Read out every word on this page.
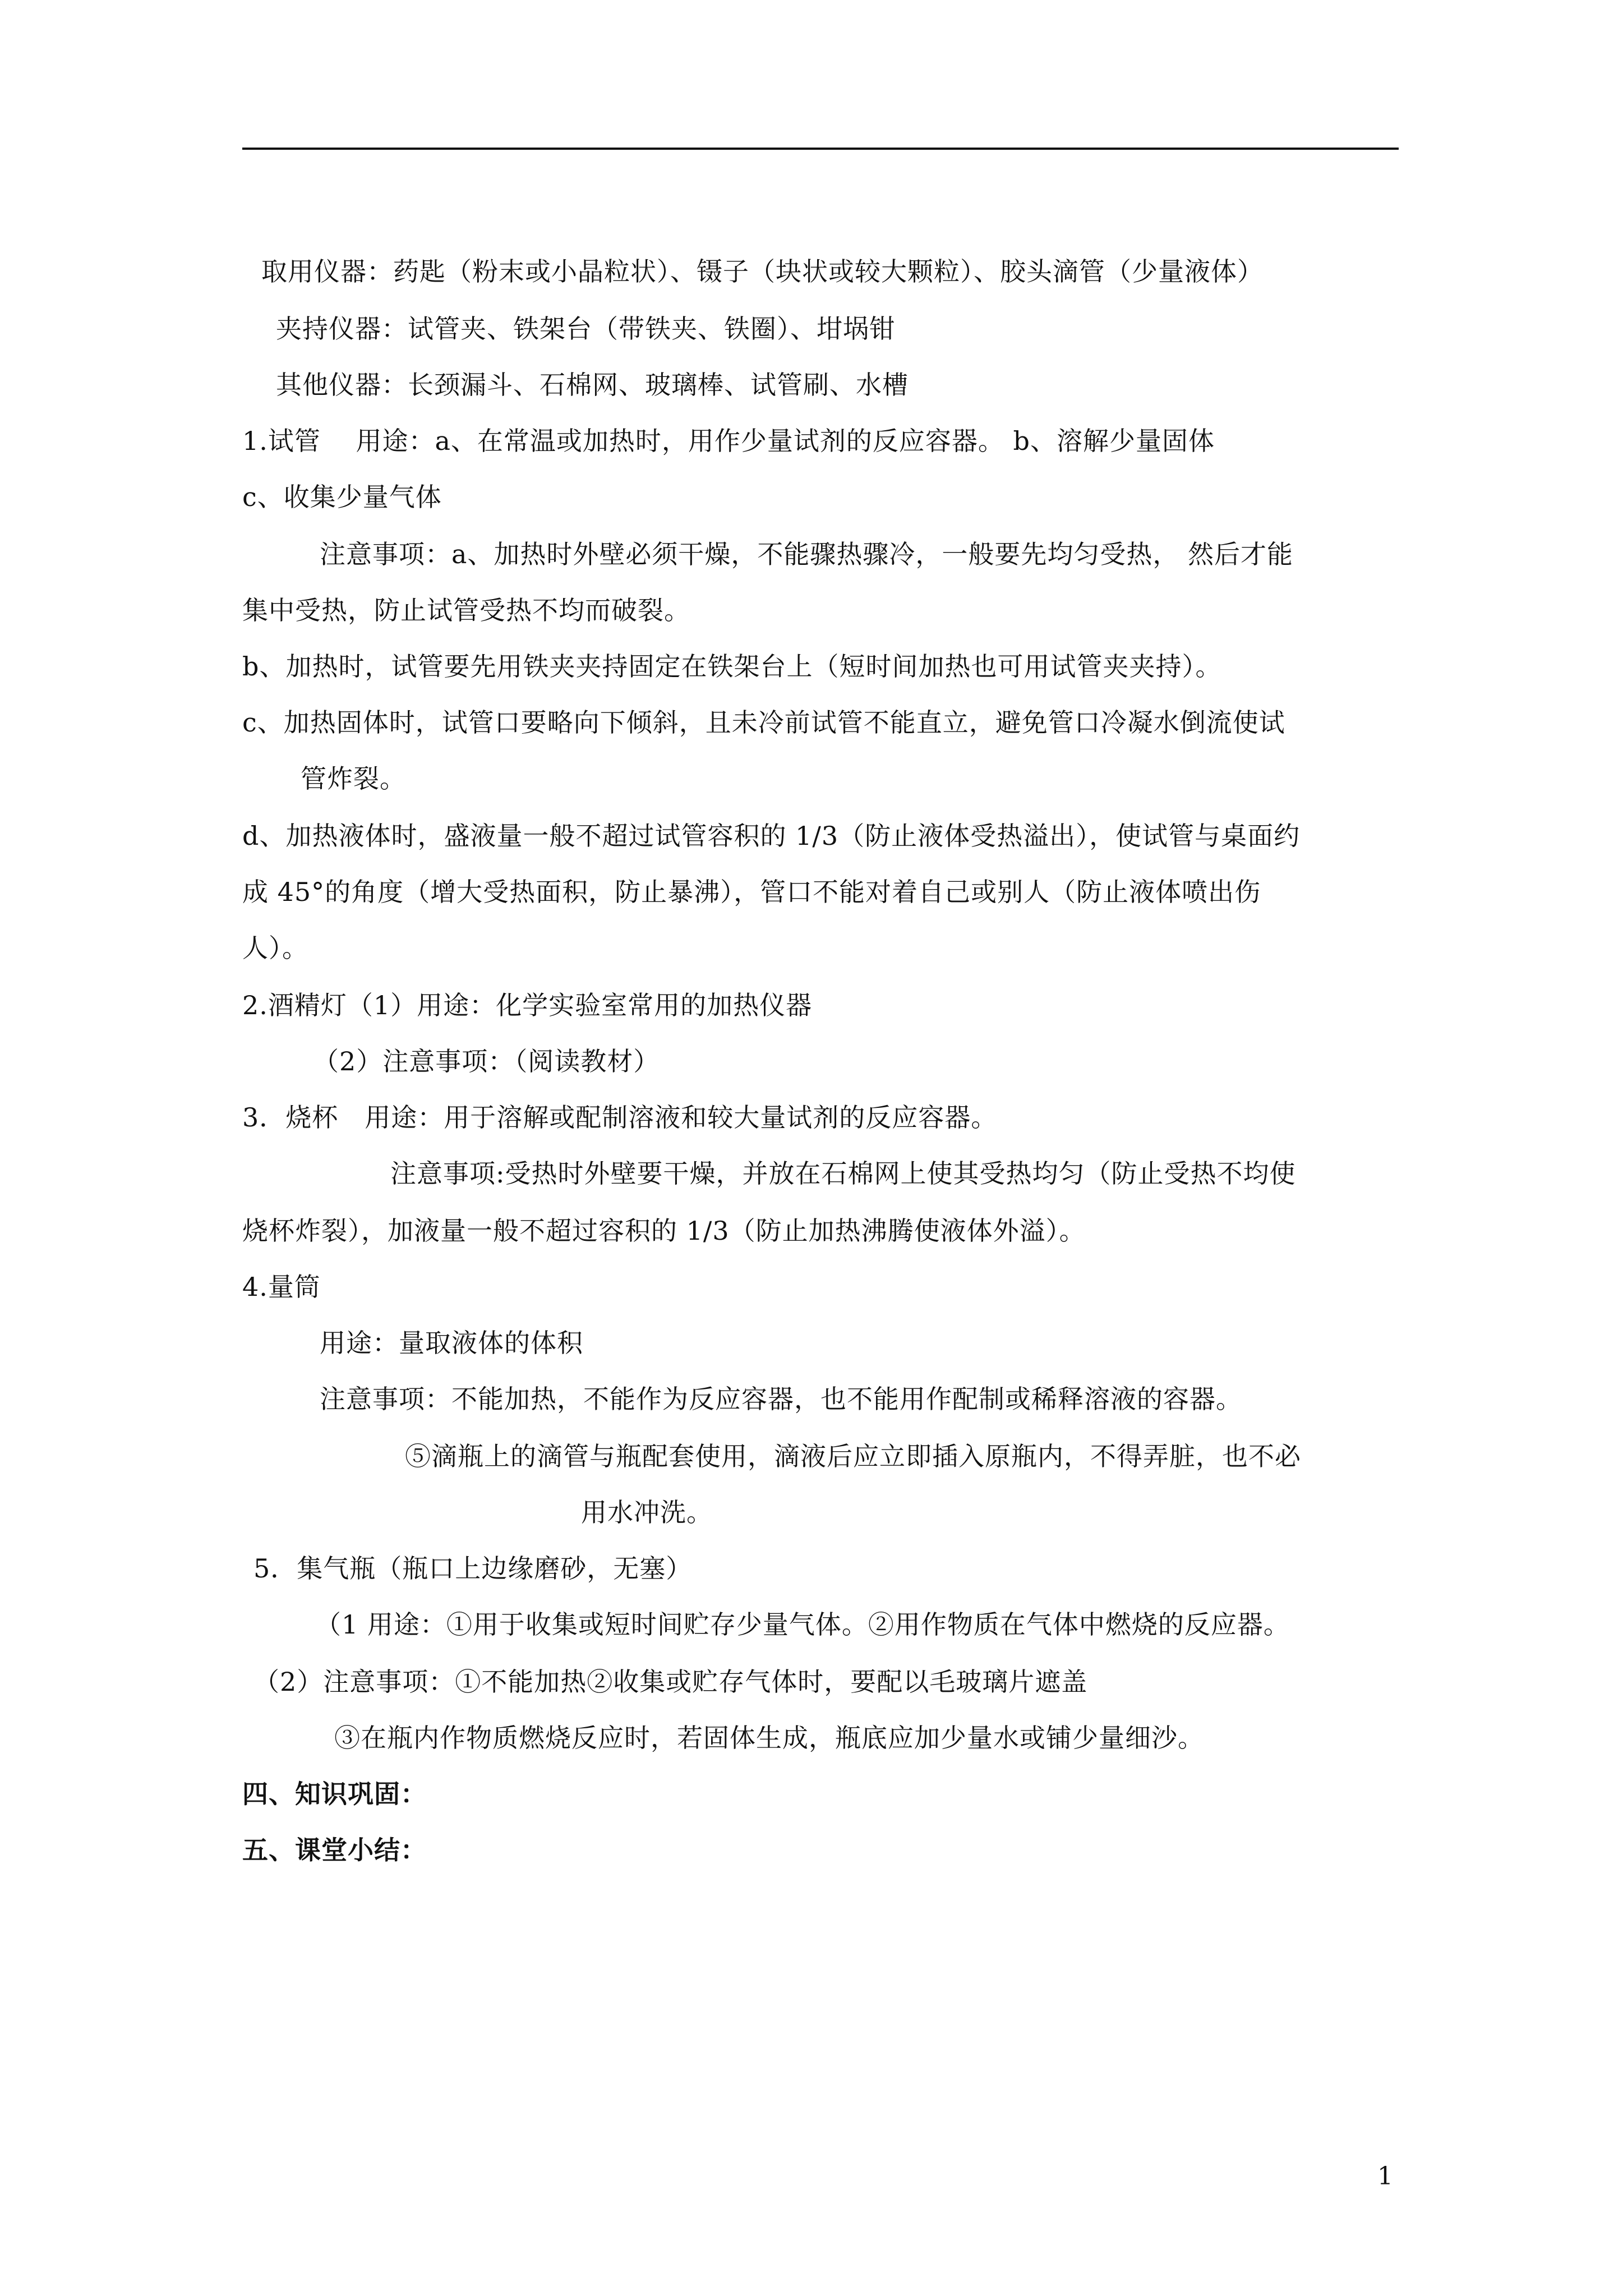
取用仪器：药匙（粉末或小晶粒状）、镊子（块状或较大颗粒）、胶头滴管（少量液体）
夹持仪器：试管夹、铁架台（带铁夹、铁圈）、坩埚钳
其他仪器：长颈漏斗、石棉网、玻璃棒、试管刷、水槽
1.试管　 用途：a、在常温或加热时，用作少量试剂的反应容器。 b、溶解少量固体
c、收集少量气体
注意事项：a、加热时外壁必须干燥，不能骤热骤冷，一般要先均匀受热， 然后才能
集中受热，防止试管受热不均而破裂。
b、加热时，试管要先用铁夹夹持固定在铁架台上（短时间加热也可用试管夹夹持）。
c、加热固体时，试管口要略向下倾斜，且未冷前试管不能直立，避免管口冷凝水倒流使试
管炸裂。
d、加热液体时，盛液量一般不超过试管容积的 1/3（防止液体受热溢出），使试管与桌面约
成 45°的角度（增大受热面积，防止暴沸），管口不能对着自己或别人（防止液体喷出伤
人）。
2.酒精灯（1）用途：化学实验室常用的加热仪器
（2）注意事项：（阅读教材）
3．烧杯　用途：用于溶解或配制溶液和较大量试剂的反应容器。
注意事项:受热时外壁要干燥，并放在石棉网上使其受热均匀（防止受热不均使
烧杯炸裂），加液量一般不超过容积的 1/3（防止加热沸腾使液体外溢）。
4.量筒
用途：量取液体的体积
注意事项：不能加热，不能作为反应容器，也不能用作配制或稀释溶液的容器。
⑤滴瓶上的滴管与瓶配套使用，滴液后应立即插入原瓶内，不得弄脏，也不必
用水冲洗。
5．集气瓶（瓶口上边缘磨砂，无塞）
（1 用途：①用于收集或短时间贮存少量气体。②用作物质在气体中燃烧的反应器。
（2）注意事项：①不能加热②收集或贮存气体时，要配以毛玻璃片遮盖
③在瓶内作物质燃烧反应时，若固体生成，瓶底应加少量水或铺少量细沙。
四、知识巩固：
五、课堂小结：
1
